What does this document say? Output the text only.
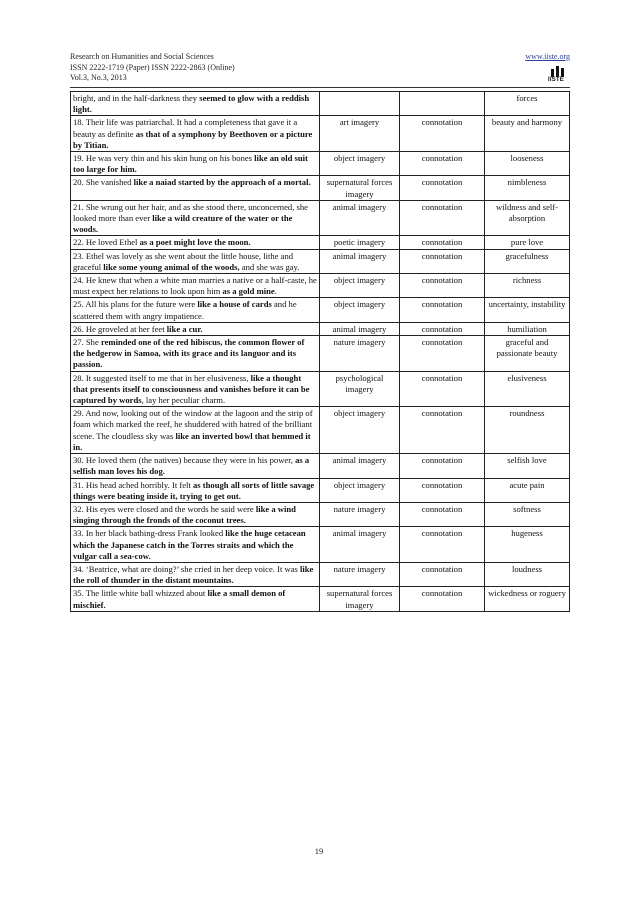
Research on Humanities and Social Sciences
ISSN 2222-1719 (Paper) ISSN 2222-2863 (Online)
Vol.3, No.3, 2013
www.iiste.org
IISTE
bright, and in the half-darkness they seemed to glow with a reddish light.			forces
18. Their life was patriarchal. It had a completeness that gave it a beauty as definite as that of a symphony by Beethoven or a picture by Titian.	art imagery	connotation	beauty and harmony
19. He was very thin and his skin hung on his bones like an old suit too large for him.	object imagery	connotation	looseness
20. She vanished like a naiad started by the approach of a mortal.	supernatural forces imagery	connotation	nimbleness
21. She wrung out her hair, and as she stood there, unconcerned, she looked more than ever like a wild creature of the water or the woods.	animal imagery	connotation	wildness and self-absorption
22. He loved Ethel as a poet might love the moon.	poetic imagery	connotation	pure love
23. Ethel was lovely as she went about the little house, lithe and graceful like some young animal of the woods, and she was gay.	animal imagery	connotation	gracefulness
24. He knew that when a white man marries a native or a half-caste, he must expect her relations to look upon him as a gold mine.	object imagery	connotation	richness
25. All his plans for the future were like a house of cards and he scattered them with angry impatience.	object imagery	connotation	uncertainty, instability
26. He groveled at her feet like a cur.	animal imagery	connotation	humiliation
27. She reminded one of the red hibiscus, the common flower of the hedgerow in Samoa, with its grace and its languor and its passion.	nature imagery	connotation	graceful and passionate beauty
28. It suggested itself to me that in her elusiveness, like a thought that presents itself to consciousness and vanishes before it can be captured by words, lay her peculiar charm.	psychological imagery	connotation	elusiveness
29. And now, looking out of the window at the lagoon and the strip of foam which marked the reef, he shuddered with hatred of the brilliant scene. The cloudless sky was like an inverted bowl that hemmed it in.	object imagery	connotation	roundness
30. He loved them (the natives) because they were in his power, as a selfish man loves his dog.	animal imagery	connotation	selfish love
31. His head ached horribly. It felt as though all sorts of little savage things were beating inside it, trying to get out.	object imagery	connotation	acute pain
32. His eyes were closed and the words he said were like a wind singing through the fronds of the coconut trees.	nature imagery	connotation	softness
33. In her black bathing-dress Frank looked like the huge cetacean which the Japanese catch in the Torres straits and which the vulgar call a sea-cow.	animal imagery	connotation	hugeness
34. ‘Beatrice, what are doing?’ she cried in her deep voice. It was like the roll of thunder in the distant mountains.	nature imagery	connotation	loudness
35. The little white ball whizzed about like a small demon of mischief.	supernatural forces imagery	connotation	wickedness or roguery
19
